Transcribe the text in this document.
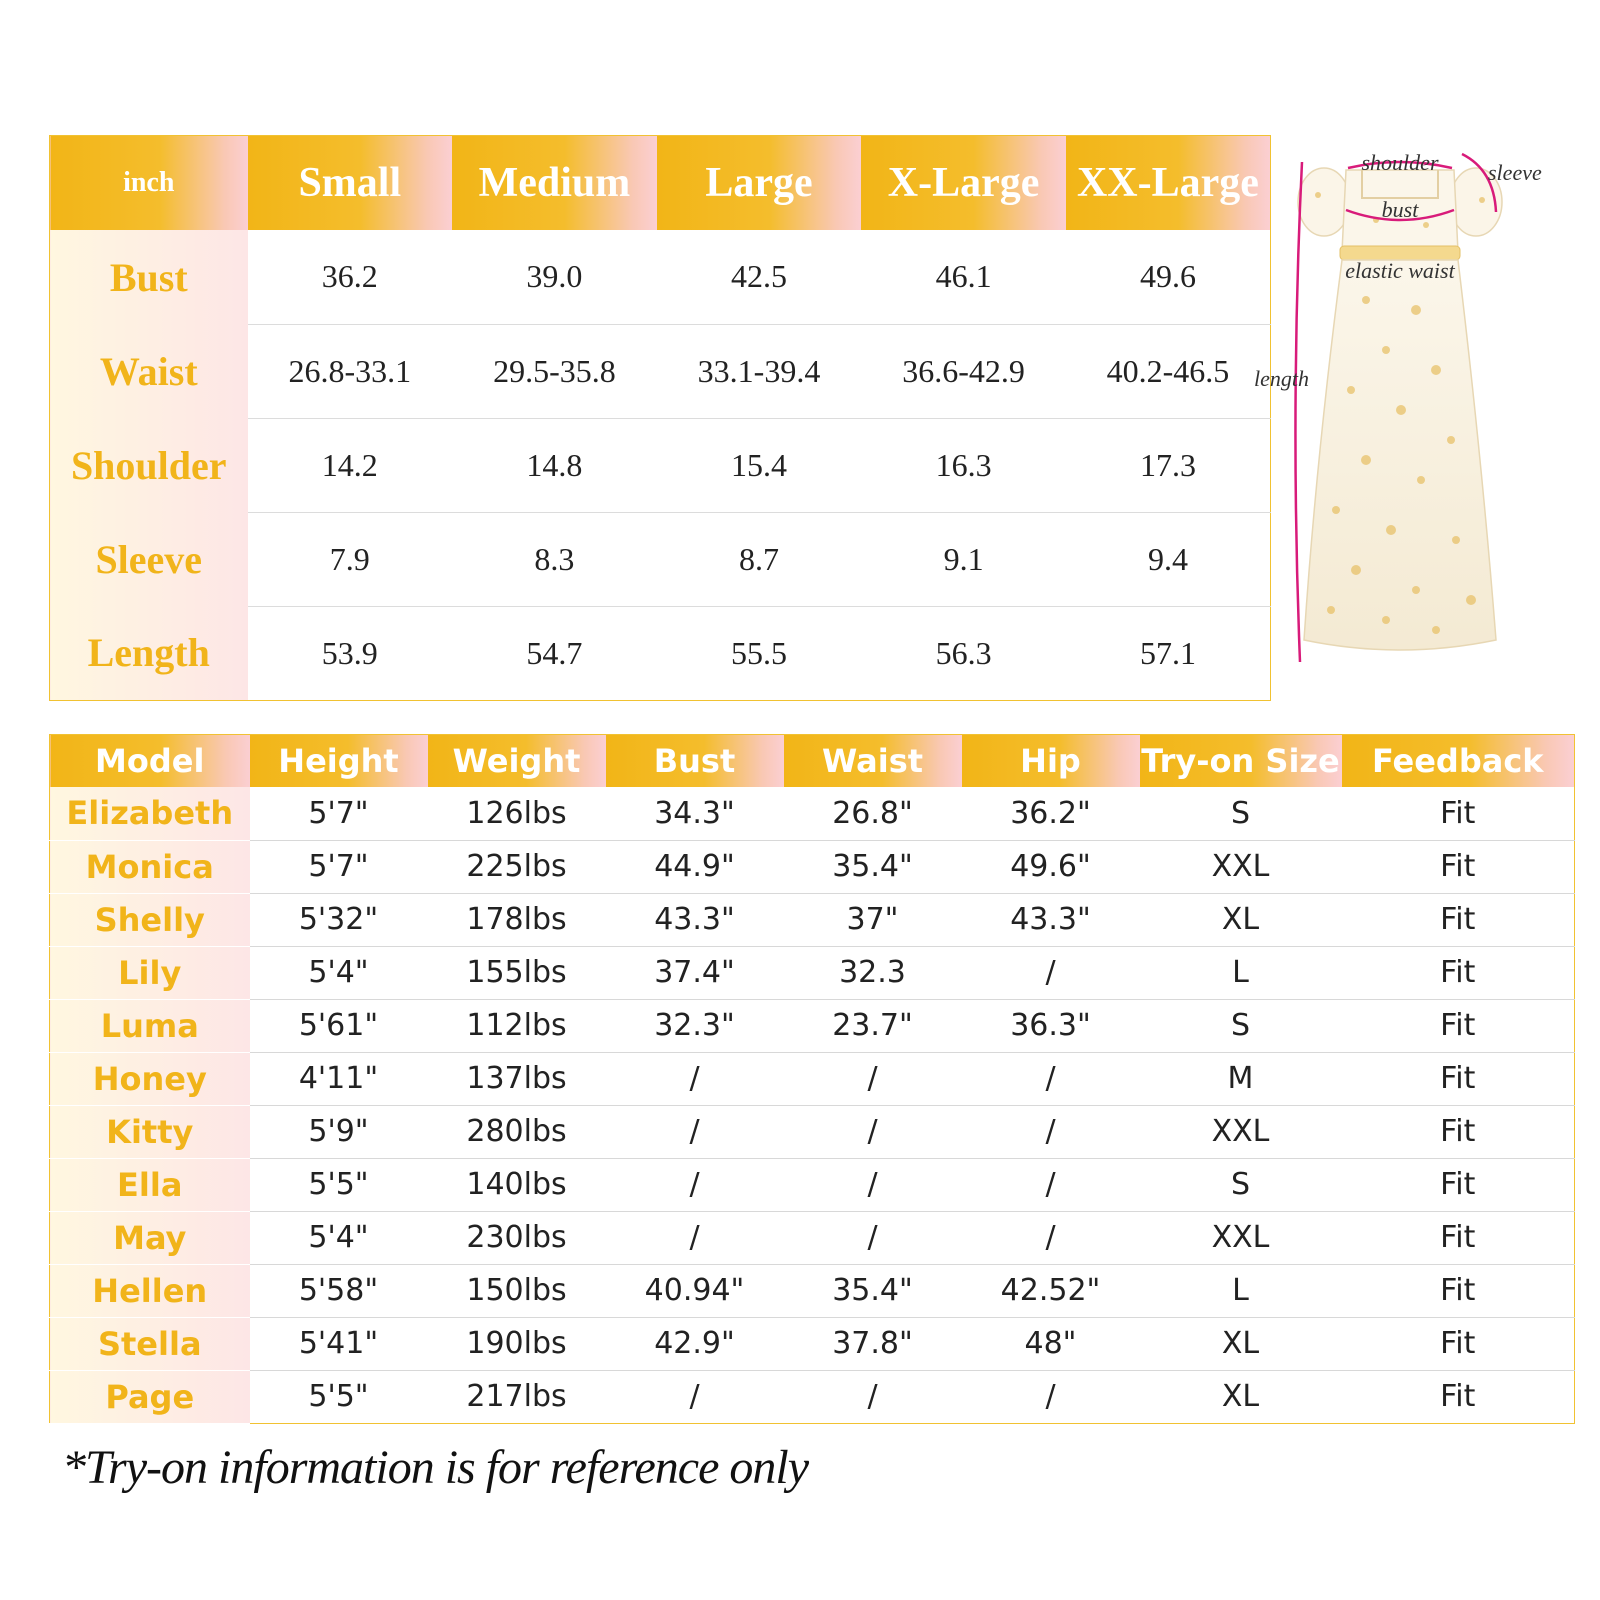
inch	Small	Medium	Large	X-Large	XX-Large
Bust	36.2	39.0	42.5	46.1	49.6
Waist	26.8-33.1	29.5-35.8	33.1-39.4	36.6-42.9	40.2-46.5
Shoulder	14.2	14.8	15.4	16.3	17.3
Sleeve	7.9	8.3	8.7	9.1	9.4
Length	53.9	54.7	55.5	56.3	57.1
shoulder sleeve
bust
elastic waist
length
Model	Height	Weight	Bust	Waist	Hip	Try-on Size	Feedback
Elizabeth	5'7"	126lbs	34.3"	26.8"	36.2"	S	Fit
Monica	5'7"	225lbs	44.9"	35.4"	49.6"	XXL	Fit
Shelly	5'32"	178lbs	43.3"	37"	43.3"	XL	Fit
Lily	5'4"	155lbs	37.4"	32.3	/	L	Fit
Luma	5'61"	112lbs	32.3"	23.7"	36.3"	S	Fit
Honey	4'11"	137lbs	/	/	/	M	Fit
Kitty	5'9"	280lbs	/	/	/	XXL	Fit
Ella	5'5"	140lbs	/	/	/	S	Fit
May	5'4"	230lbs	/	/	/	XXL	Fit
Hellen	5'58"	150lbs	40.94"	35.4"	42.52"	L	Fit
Stella	5'41"	190lbs	42.9"	37.8"	48"	XL	Fit
Page	5'5"	217lbs	/	/	/	XL	Fit
*Try-on information is for reference only
